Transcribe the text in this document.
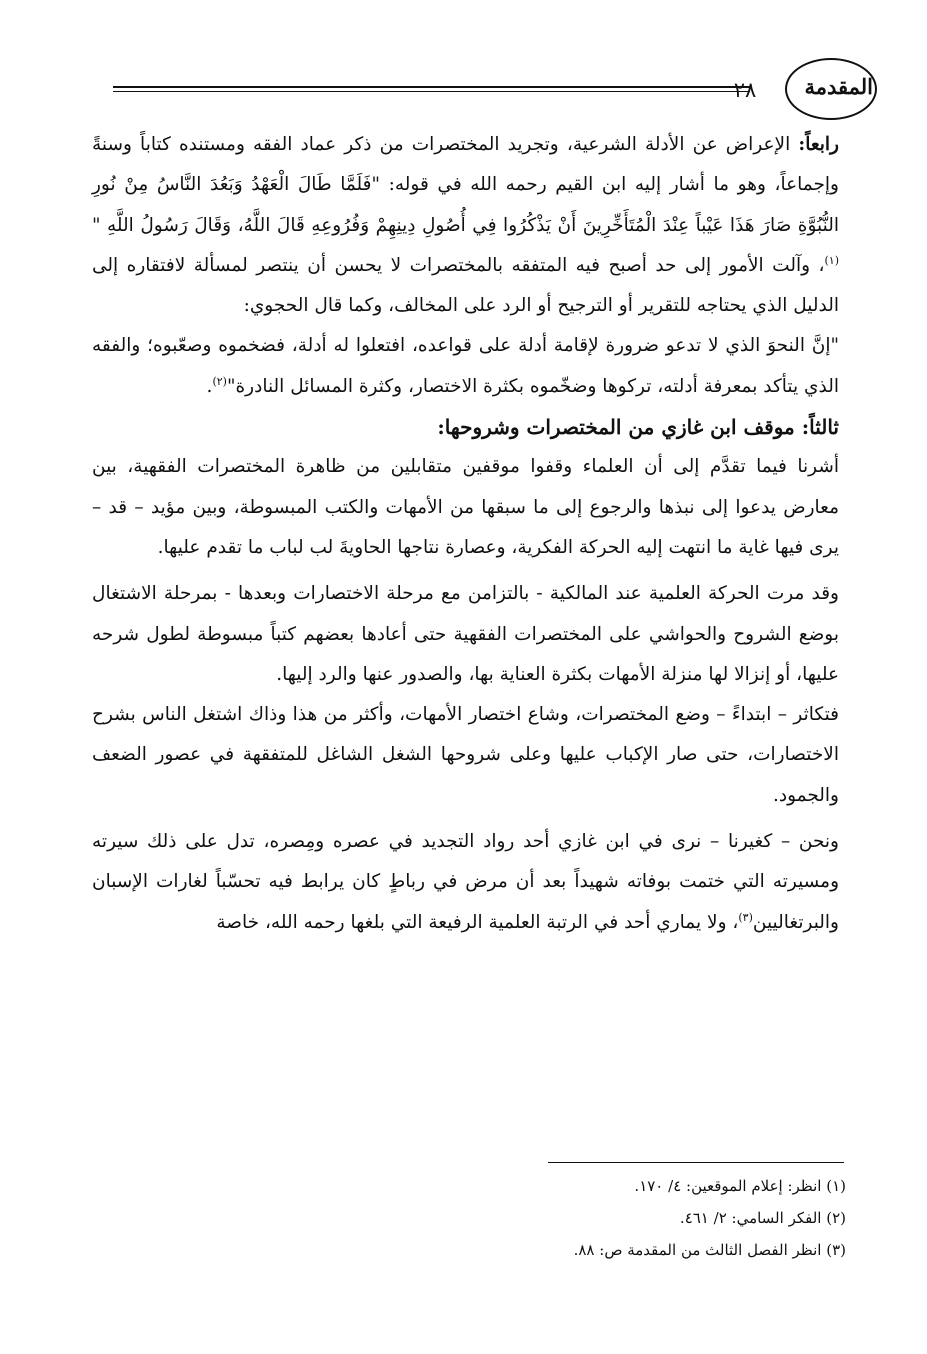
المقدمة
٢٨

رابعاً: الإعراض عن الأدلة الشرعية، وتجريد المختصرات من ذكر عماد الفقه ومستنده كتاباً وسنةً وإجماعاً، وهو ما أشار إليه ابن القيم رحمه الله في قوله: "فَلَمَّا طَالَ الْعَهْدُ وَبَعُدَ النَّاسُ مِنْ نُورِ النُّبُوَّةِ صَارَ هَذَا عَيْباً عِنْدَ الْمُتَأَخِّرِينَ أَنْ يَذْكُرُوا فِي أُصُولِ دِينِهِمْ وَفُرُوعِهِ قَالَ اللَّهُ، وَقَالَ رَسُولُ اللَّهِ "$^{(١)}$، وآلت الأمور إلى حد أصبح فيه المتفقه بالمختصرات لا يحسن أن ينتصر لمسألة لافتقاره إلى الدليل الذي يحتاجه للتقرير أو الترجيح أو الرد على المخالف، وكما قال الحجوي:

"إنَّ النحوَ الذي لا تدعو ضرورة لإقامة أدلة على قواعده، افتعلوا له أدلة، فضخموه وصعّبوه؛ والفقه الذي يتأكد بمعرفة أدلته، تركوها وضخّموه بكثرة الاختصار، وكثرة المسائل النادرة"$^{(٢)}$.

ثالثاً: موقف ابن غازي من المختصرات وشروحها:

أشرنا فيما تقدَّم إلى أن العلماء وقفوا موقفين متقابلين من ظاهرة المختصرات الفقهية، بين معارض يدعوا إلى نبذها والرجوع إلى ما سبقها من الأمهات والكتب المبسوطة، وبين مؤيد – قد – يرى فيها غاية ما انتهت إليه الحركة الفكرية، وعصارة نتاجها الحاويةَ لب لباب ما تقدم عليها.

وقد مرت الحركة العلمية عند المالكية - بالتزامن مع مرحلة الاختصارات وبعدها - بمرحلة الاشتغال بوضع الشروح والحواشي على المختصرات الفقهية حتى أعادها بعضهم كتباً مبسوطة لطول شرحه عليها، أو إنزالا لها منزلة الأمهات بكثرة العناية بها، والصدور عنها والرد إليها.

فتكاثر – ابتداءً – وضع المختصرات، وشاع اختصار الأمهات، وأكثر من هذا وذاك اشتغل الناس بشرح الاختصارات، حتى صار الإكباب عليها وعلى شروحها الشغل الشاغل للمتفقهة في عصور الضعف والجمود.

ونحن – كغيرنا – نرى في ابن غازي أحد رواد التجديد في عصره ومِصره، تدل على ذلك سيرته ومسيرته التي ختمت بوفاته شهيداً بعد أن مرض في رباطٍ كان يرابط فيه تحسّباً لغارات الإسبان والبرتغاليين$^{(٣)}$، ولا يماري أحد في الرتبة العلمية الرفيعة التي بلغها رحمه الله، خاصة

(١) انظر: إعلام الموقعين: ٤/ ١٧٠.

(٢) الفكر السامي: ٢/ ٤٦١.

(٣) انظر الفصل الثالث من المقدمة ص: ٨٨.
